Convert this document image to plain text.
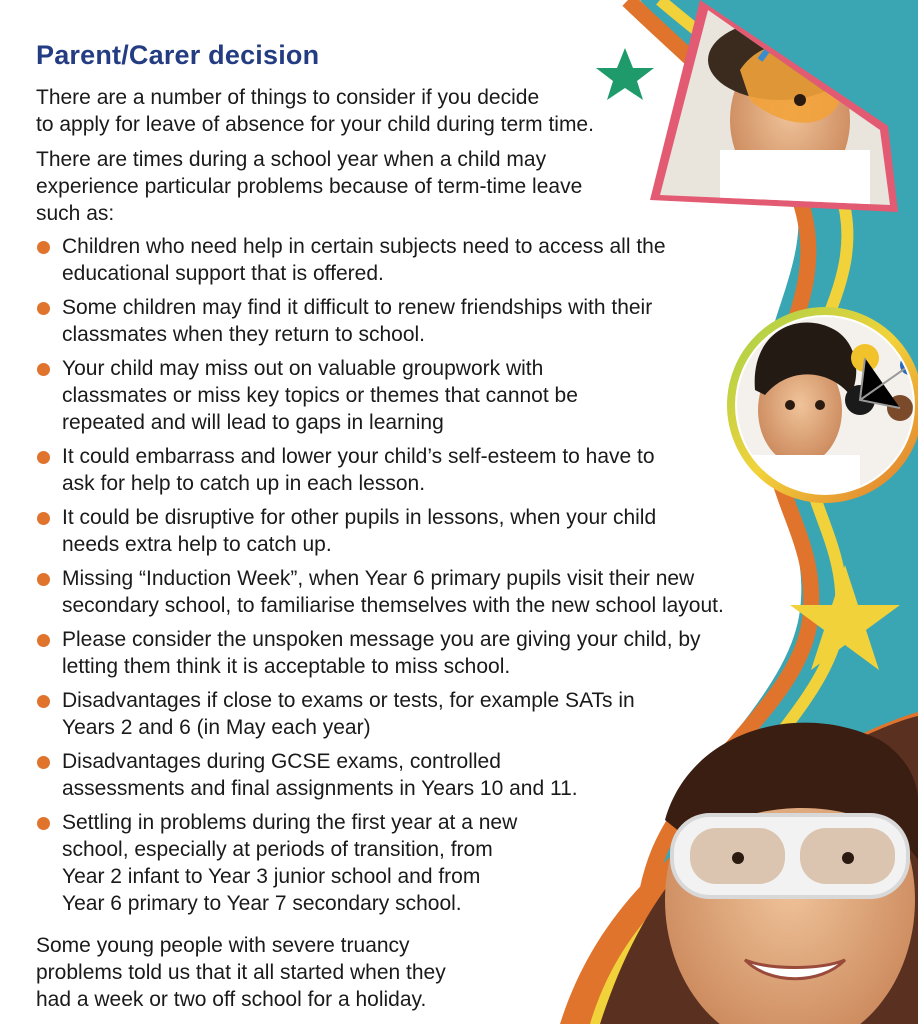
Parent/Carer decision
There are a number of things to consider if you decide
to apply for leave of absence for your child during term time.
There are times during a school year when a child may
experience particular problems because of term-time leave
such as:
Children who need help in certain subjects need to access all the
educational support that is offered.
Some children may find it difficult to renew friendships with their
classmates when they return to school.
Your child may miss out on valuable groupwork with
classmates or miss key topics or themes that cannot be
repeated and will lead to gaps in learning
It could embarrass and lower your child’s self-esteem to have to
ask for help to catch up in each lesson.
It could be disruptive for other pupils in lessons, when your child
needs extra help to catch up.
Missing “Induction Week”, when Year 6 primary pupils visit their new
secondary school, to familiarise themselves with the new school layout.
Please consider the unspoken message you are giving your child, by
letting them think it is acceptable to miss school.
Disadvantages if close to exams or tests, for example SATs in
Years 2 and 6 (in May each year)
Disadvantages during GCSE exams, controlled
assessments and final assignments in Years 10 and 11.
Settling in problems during the first year at a new
school, especially at periods of transition, from
Year 2 infant to Year 3 junior school and from
Year 6 primary to Year 7 secondary school.
Some young people with severe truancy
problems told us that it all started when they
had a week or two off school for a holiday.
